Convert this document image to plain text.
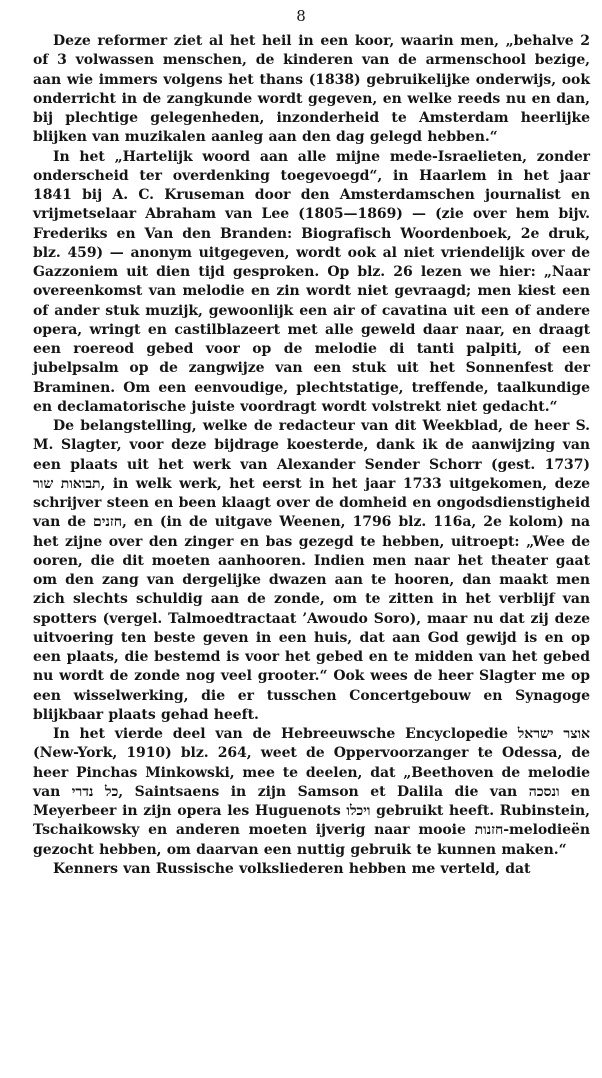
8

Deze reformer ziet al het heil in een koor, waarin men, „behalve 2 of 3 volwassen menschen, de kinderen van de armenschool bezige, aan wie immers volgens het thans (1838) gebruikelijke onderwijs, ook onderricht in de zangkunde wordt gegeven, en welke reeds nu en dan, bij plechtige gelegenheden, inzonderheid te Amsterdam heerlijke blijken van muzikalen aanleg aan den dag gelegd hebben.“

In het „Hartelijk woord aan alle mijne mede-Israelieten, zonder onderscheid ter overdenking toegevoegd“, in Haarlem in het jaar 1841 bij A. C. Kruseman door den Amsterdamschen journalist en vrijmetselaar Abraham van Lee (1805—1869) — (zie over hem bijv. Frederiks en Van den Branden: Biografisch Woordenboek, 2e druk, blz. 459) — anonym uitgegeven, wordt ook al niet vriendelijk over de Gazzoniem uit dien tijd gesproken. Op blz. 26 lezen we hier: „Naar overeenkomst van melodie en zin wordt niet gevraagd; men kiest een of ander stuk muzijk, gewoonlijk een air of cavatina uit een of andere opera, wringt en castilblazeert met alle geweld daar naar, en draagt een roereod gebed voor op de melodie di tanti palpiti, of een jubelpsalm op de zangwijze van een stuk uit het Sonnenfest der Braminen. Om een eenvoudige, plechtstatige, treffende, taalkundige en declamatorische juiste voordragt wordt volstrekt niet gedacht.“

De belangstelling, welke de redacteur van dit Weekblad, de heer S. M. Slagter, voor deze bijdrage koesterde, dank ik de aanwijzing van een plaats uit het werk van Alexander Sender Schorr (gest. 1737) תבואות שור, in welk werk, het eerst in het jaar 1733 uitgekomen, deze schrijver steen en been klaagt over de domheid en ongodsdienstigheid van de חזנים, en (in de uitgave Weenen, 1796 blz. 116a, 2e kolom) na het zijne over den zinger en bas gezegd te hebben, uitroept: „Wee de ooren, die dit moeten aanhooren. Indien men naar het theater gaat om den zang van dergelijke dwazen aan te hooren, dan maakt men zich slechts schuldig aan de zonde, om te zitten in het verblijf van spotters (vergel. Talmoedtractaat ’Awoudo Soro), maar nu dat zij deze uitvoering ten beste geven in een huis, dat aan God gewijd is en op een plaats, die bestemd is voor het gebed en te midden van het gebed nu wordt de zonde nog veel grooter.“ Ook wees de heer Slagter me op een wisselwerking, die er tusschen Concertgebouw en Synagoge blijkbaar plaats gehad heeft.

In het vierde deel van de Hebreeuwsche Encyclopedie אוצר ישראל (New-York, 1910) blz. 264, weet de Oppervoorzanger te Odessa, de heer Pinchas Minkowski, mee te deelen, dat „Beethoven de melodie van כל נדרי, Saintsaens in zijn Samson et Dalila die van ונסכה en Meyerbeer in zijn opera les Huguenots ויכלו gebruikt heeft. Rubinstein, Tschaikowsky en anderen moeten ijverig naar mooie חזנות-melodieën gezocht hebben, om daarvan een nuttig gebruik te kunnen maken.“

Kenners van Russische volksliederen hebben me verteld, dat
